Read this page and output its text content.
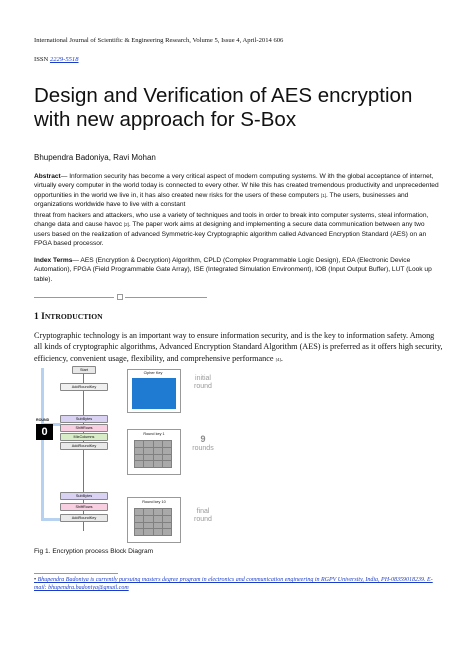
International Journal of Scientific & Engineering Research, Volume 5, Issue 4, April-2014 606
ISSN 2229-5518
Design and Verification of AES encryption with new approach for S-Box
Bhupendra Badoniya, Ravi Mohan
Abstract— Information security has become a very critical aspect of modern computing systems. W ith the global acceptance of internet, virtually every computer in the world today is connected to every other. W hile this has created tremendous productivity and unprecedented opportunities in the world we live in, it has also created new risks for the users of these computers [1]. The users, businesses and organizations worldwide have to live with a constant
threat from hackers and attackers, who use a variety of techniques and tools in order to break into computer systems, steal information, change data and cause havoc [2]. The paper work aims at designing and implementing a secure data communication between any two users based on the realization of advanced Symmetric-key Cryptographic algorithm called Advanced Encryption Standard (AES) on an FPGA based processor.
Index Terms— AES (Encryption & Decryption) Algorithm, CPLD (Complex Programmable Logic Design), EDA (Electronic Device Automation), FPGA (Field Programmable Gate Array), ISE (Integrated Simulation Environment), IOB (Input Output Buffer), LUT (Look up table).
1 INTRODUCTION
Cryptographic technology is an important way to ensure information security, and is the key to information safety. Among all kinds of cryptographic algorithms, Advanced Encryption Standard Algorithm (AES) is preferred as it offers high security, efficiency, convenient usage, flexibility, and comprehensive performance [4].
Start
AddRoundKey
Cipher Key
initial
round
ROUND
0
SubBytes
ShiftRows
MixColumns
AddRoundKey
Round key 1	9
rounds
SubBytes
ShiftRows
AddRoundKey
Round key 10
final
round
Fig 1. Encryption process Block Diagram
• Bhupendra Badoniya is currently pursuing masters degree program in electronics and communication engineering in RGPV University, India, PH-08359018239. E-mail: bhupendra.badoniya@gmail.com
